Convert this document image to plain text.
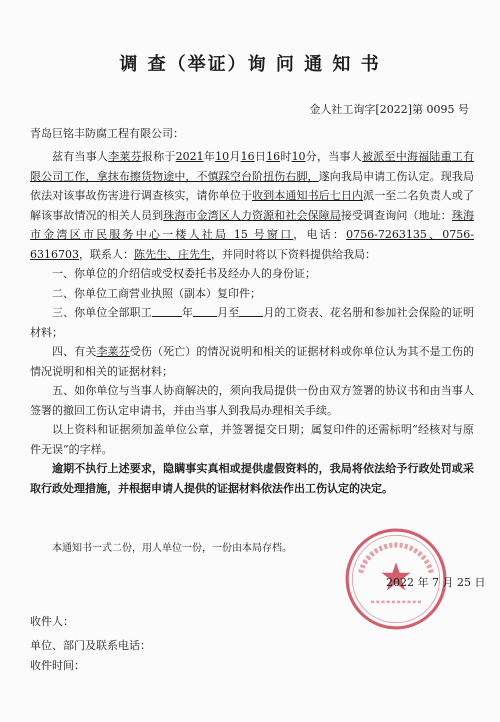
调 查（举证）询 问 通 知 书
金人社工询字[2022]第 0095 号
青岛巨铭丰防腐工程有限公司：

兹有当事人李莱芬报称于2021年10月16日16时10分，当事人被派至中海福陆重工有限公司工作，拿抹布擦货物途中，不慎踩空台阶扭伤右脚，遂向我局申请工伤认定。现我局依法对该事故伤害进行调查核实，请你单位于收到本通知书后七日内派一至二名负责人或了解该事故情况的相关人员到珠海市金湾区人力资源和社会保障局接受调查询问（地址：珠海市金湾区市民服务中心一楼人社局 15 号窗口，电话：0756-7263135、0756-6316703，联系人：陈先生、庄先生，并同时将以下资料提供给我局：

一、你单位的介绍信或受权委托书及经办人的身份证；

二、你单位工商营业执照（副本）复印件；

三、你单位全部职工	年 月至 月的工资表、花名册和参加社会保险的证明材料；

四、有关李莱芬受伤（死亡）的情况说明和相关的证据材料或你单位认为其不是工伤的情况说明和相关的证据材料；

五、如你单位与当事人协商解决的，须向我局提供一份由双方签署的协议书和由当事人签署的撤回工伤认定申请书，并由当事人到我局办理相关手续。

以上资料和证据须加盖单位公章，并签署提交日期；属复印件的还需标明“经核对与原件无误”的字样。

逾期不执行上述要求，隐瞒事实真相或提供虚假资料的，我局将依法给予行政处罚或采取行政处理措施，并根据申请人提供的证据材料依法作出工伤认定的决定。

本通知书一式二份，用人单位一份，一份由本局存档。
2022 年 7 月 25 日
收件人：
单位、部门及联系电话：
收件时间：
